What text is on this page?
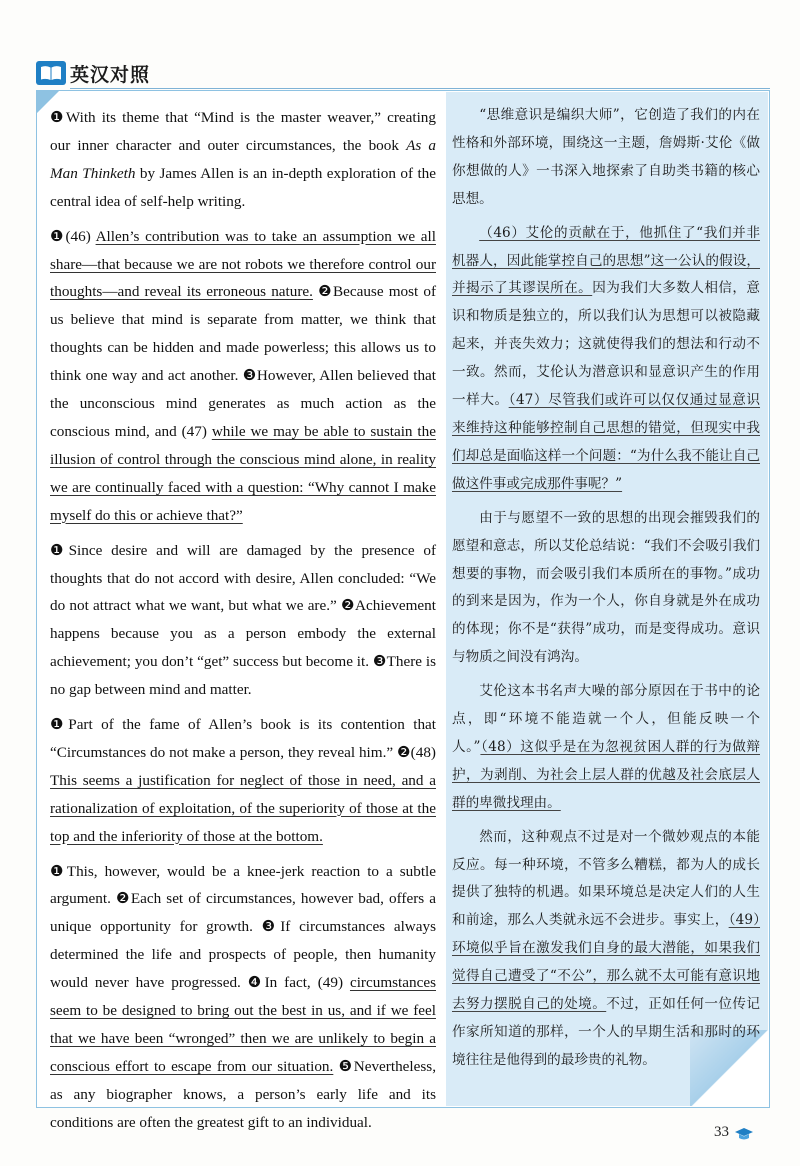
英汉对照

❶With its theme that “Mind is the master weaver,” creating our inner character and outer circumstances, the book As a Man Thinketh by James Allen is an in-depth exploration of the central idea of self-help writing.

❶(46) Allen’s contribution was to take an assumption we all share—that because we are not robots we therefore control our thoughts—and reveal its erroneous nature. ❷Because most of us believe that mind is separate from matter, we think that thoughts can be hidden and made powerless; this allows us to think one way and act another. ❸However, Allen believed that the unconscious mind generates as much action as the conscious mind, and (47) while we may be able to sustain the illusion of control through the conscious mind alone, in reality we are continually faced with a question: “Why cannot I make myself do this or achieve that?”

❶Since desire and will are damaged by the presence of thoughts that do not accord with desire, Allen concluded: “We do not attract what we want, but what we are.” ❷Achievement happens because you as a person embody the external achievement; you don’t “get” success but become it. ❸There is no gap between mind and matter.

❶Part of the fame of Allen’s book is its contention that “Circumstances do not make a person, they reveal him.” ❷(48) This seems a justification for neglect of those in need, and a rationalization of exploitation, of the superiority of those at the top and the inferiority of those at the bottom.

❶This, however, would be a knee-jerk reaction to a subtle argument. ❷Each set of circumstances, however bad, offers a unique opportunity for growth. ❸If circumstances always determined the life and prospects of people, then humanity would never have progressed. ❹In fact, (49) circumstances seem to be designed to bring out the best in us, and if we feel that we have been “wronged” then we are unlikely to begin a conscious effort to escape from our situation. ❺Nevertheless, as any biographer knows, a person’s early life and its conditions are often the greatest gift to an individual.

“思维意识是编织大师”，它创造了我们的内在性格和外部环境，围绕这一主题，詹姆斯·艾伦《做你想做的人》一书深入地探索了自助类书籍的核心思想。

（46）艾伦的贡献在于，他抓住了“我们并非机器人，因此能掌控自己的思想”这一公认的假设，并揭示了其谬误所在。因为我们大多数人相信，意识和物质是独立的，所以我们认为思想可以被隐藏起来，并丧失效力；这就使得我们的想法和行动不一致。然而，艾伦认为潜意识和显意识产生的作用一样大。（47）尽管我们或许可以仅仅通过显意识来维持这种能够控制自己思想的错觉，但现实中我们却总是面临这样一个问题：“为什么我不能让自己做这件事或完成那件事呢？”

由于与愿望不一致的思想的出现会摧毁我们的愿望和意志，所以艾伦总结说：“我们不会吸引我们想要的事物，而会吸引我们本质所在的事物。”成功的到来是因为，作为一个人，你自身就是外在成功的体现；你不是“获得”成功，而是变得成功。意识与物质之间没有鸿沟。

艾伦这本书名声大噪的部分原因在于书中的论点，即“环境不能造就一个人，但能反映一个人。”（48）这似乎是在为忽视贫困人群的行为做辩护，为剥削、为社会上层人群的优越及社会底层人群的卑微找理由。

然而，这种观点不过是对一个微妙观点的本能反应。每一种环境，不管多么糟糕，都为人的成长提供了独特的机遇。如果环境总是决定人们的人生和前途，那么人类就永远不会进步。事实上，（49）环境似乎旨在激发我们自身的最大潜能，如果我们觉得自己遭受了“不公”，那么就不太可能有意识地去努力摆脱自己的处境。不过，正如任何一位传记作家所知道的那样，一个人的早期生活和那时的环境往往是他得到的最珍贵的礼物。

33
